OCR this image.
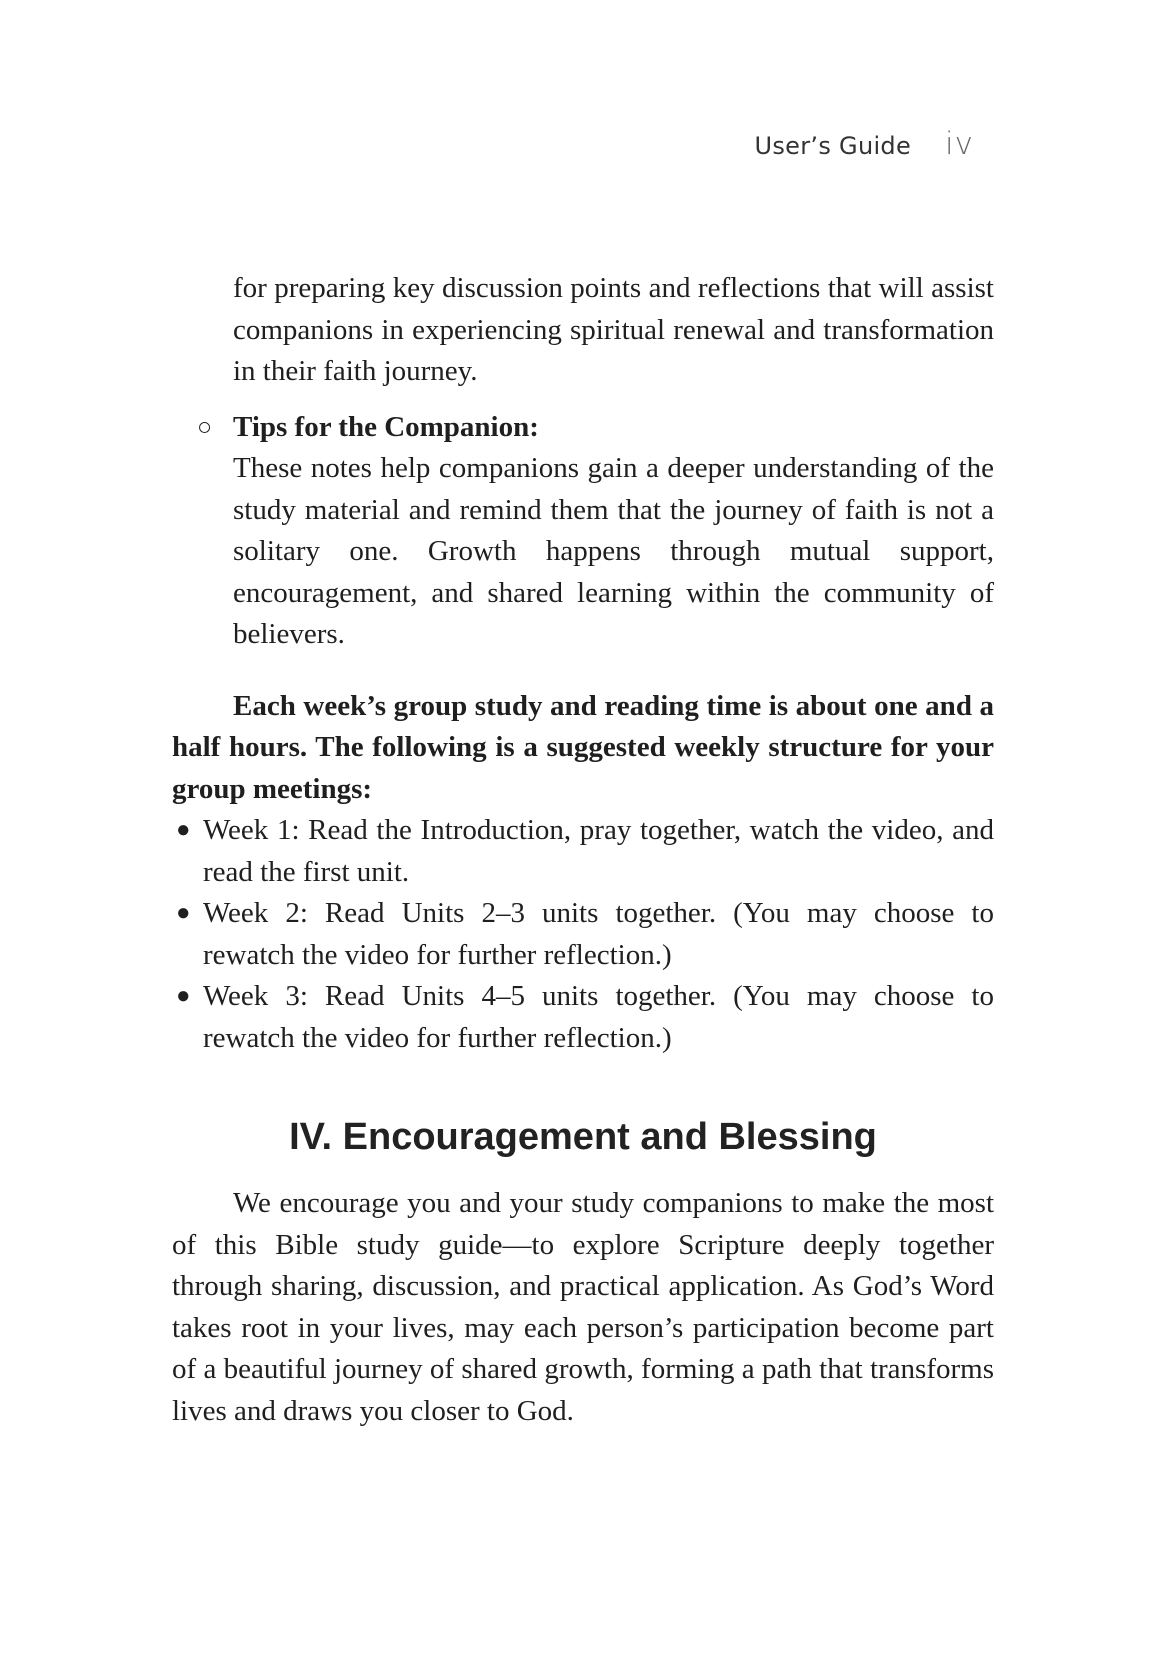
User’s Guide iv

for preparing key discussion points and reflections that will assist companions in experiencing spiritual renewal and transformation in their faith journey.

○ Tips for the Companion:

These notes help companions gain a deeper understanding of the study material and remind them that the journey of faith is not a solitary one. Growth happens through mutual support, encouragement, and shared learning within the community of believers.

Each week’s group study and reading time is about one and a half hours. The following is a suggested weekly structure for your group meetings:

● Week 1: Read the Introduction, pray together, watch the video, and read the first unit.
● Week 2: Read Units 2–3 units together. (You may choose to rewatch the video for further reflection.)
● Week 3: Read Units 4–5 units together. (You may choose to rewatch the video for further reflection.)
IV. Encouragement and Blessing

We encourage you and your study companions to make the most of this Bible study guide—to explore Scripture deeply together through sharing, discussion, and practical application. As God’s Word takes root in your lives, may each person’s participation become part of a beautiful journey of shared growth, forming a path that transforms lives and draws you closer to God.
